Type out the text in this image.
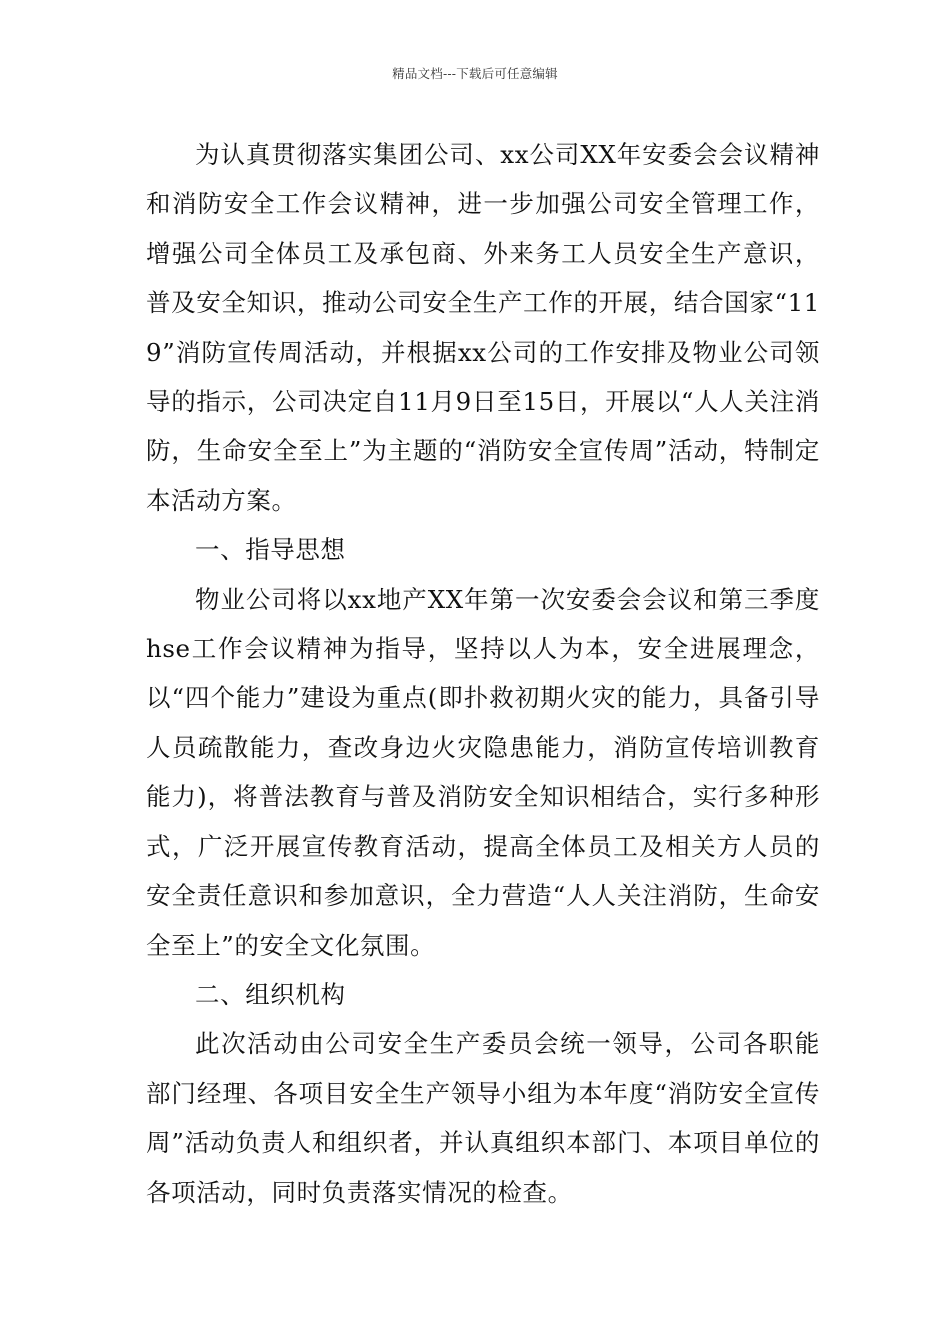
精品文档---下载后可任意编辑

为认真贯彻落实集团公司、xx公司XX年安委会会议精神和消防安全工作会议精神，进一步加强公司安全管理工作，增强公司全体员工及承包商、外来务工人员安全生产意识，普及安全知识，推动公司安全生产工作的开展，结合国家“119”消防宣传周活动，并根据xx公司的工作安排及物业公司领导的指示，公司决定自11月9日至15日，开展以“人人关注消防，生命安全至上”为主题的“消防安全宣传周”活动，特制定本活动方案。

一、指导思想

物业公司将以xx地产XX年第一次安委会会议和第三季度hse工作会议精神为指导，坚持以人为本，安全进展理念，以“四个能力”建设为重点(即扑救初期火灾的能力，具备引导人员疏散能力，查改身边火灾隐患能力，消防宣传培训教育能力)，将普法教育与普及消防安全知识相结合，实行多种形式，广泛开展宣传教育活动，提高全体员工及相关方人员的安全责任意识和参加意识，全力营造“人人关注消防，生命安全至上”的安全文化氛围。

二、组织机构

此次活动由公司安全生产委员会统一领导，公司各职能部门经理、各项目安全生产领导小组为本年度“消防安全宣传周”活动负责人和组织者，并认真组织本部门、本项目单位的各项活动，同时负责落实情况的检查。
